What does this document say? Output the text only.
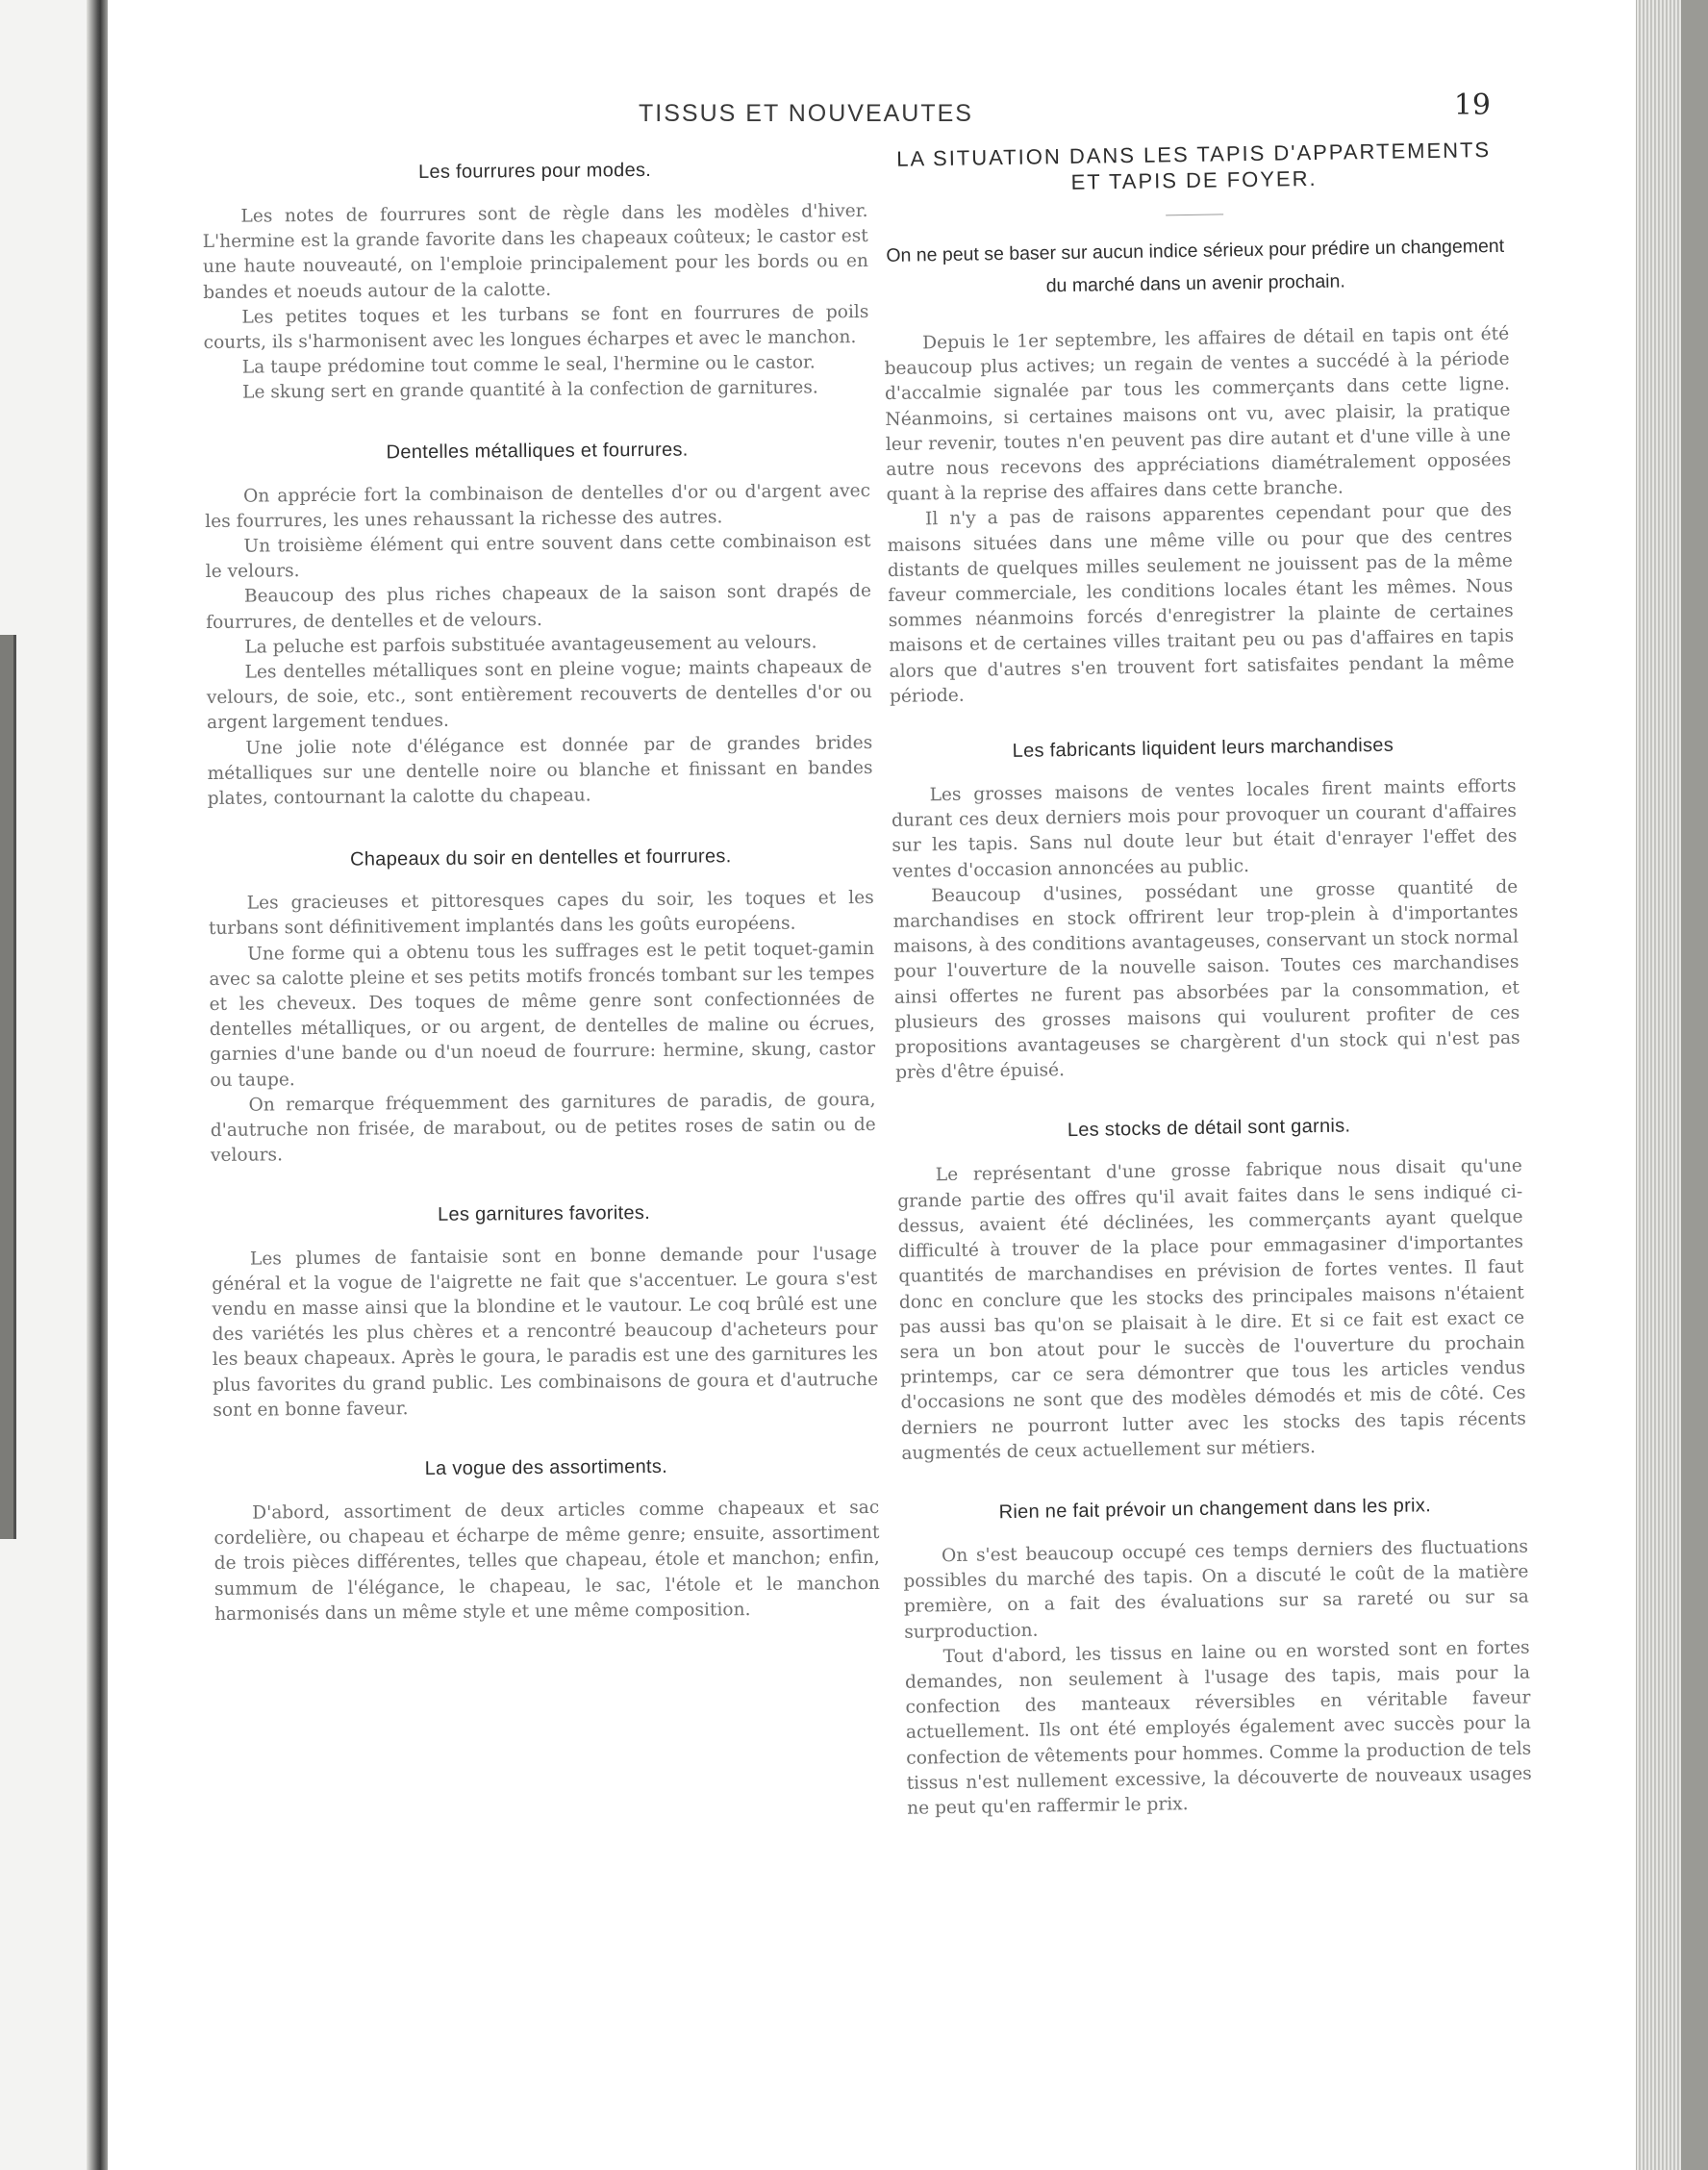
TISSUS ET NOUVEAUTES	19
Les fourrures pour modes.

Les notes de fourrures sont de règle dans les modèles d'hiver. L'hermine est la grande favorite dans les chapeaux coûteux; le castor est une haute nouveauté, on l'emploie principalement pour les bords ou en bandes et noeuds autour de la calotte.

Les petites toques et les turbans se font en fourrures de poils courts, ils s'harmonisent avec les longues écharpes et avec le manchon.

La taupe prédomine tout comme le seal, l'hermine ou le castor.

Le skung sert en grande quantité à la confection de garnitures.

Dentelles métalliques et fourrures.

On apprécie fort la combinaison de dentelles d'or ou d'argent avec les fourrures, les unes rehaussant la richesse des autres.

Un troisième élément qui entre souvent dans cette combinaison est le velours.

Beaucoup des plus riches chapeaux de la saison sont drapés de fourrures, de dentelles et de velours.

La peluche est parfois substituée avantageusement au velours.

Les dentelles métalliques sont en pleine vogue; maints chapeaux de velours, de soie, etc., sont entièrement recouverts de dentelles d'or ou argent largement tendues.

Une jolie note d'élégance est donnée par de grandes brides métalliques sur une dentelle noire ou blanche et finissant en bandes plates, contournant la calotte du chapeau.

Chapeaux du soir en dentelles et fourrures.

Les gracieuses et pittoresques capes du soir, les toques et les turbans sont définitivement implantés dans les goûts européens.

Une forme qui a obtenu tous les suffrages est le petit toquet-gamin avec sa calotte pleine et ses petits motifs froncés tombant sur les tempes et les cheveux. Des toques de même genre sont confectionnées de dentelles métalliques, or ou argent, de dentelles de maline ou écrues, garnies d'une bande ou d'un noeud de fourrure: hermine, skung, castor ou taupe.

On remarque fréquemment des garnitures de paradis, de goura, d'autruche non frisée, de marabout, ou de petites roses de satin ou de velours.

Les garnitures favorites.

Les plumes de fantaisie sont en bonne demande pour l'usage général et la vogue de l'aigrette ne fait que s'accentuer. Le goura s'est vendu en masse ainsi que la blondine et le vautour. Le coq brûlé est une des variétés les plus chères et a rencontré beaucoup d'acheteurs pour les beaux chapeaux. Après le goura, le paradis est une des garnitures les plus favorites du grand public. Les combinaisons de goura et d'autruche sont en bonne faveur.

La vogue des assortiments.

D'abord, assortiment de deux articles comme chapeaux et sac cordelière, ou chapeau et écharpe de même genre; ensuite, assortiment de trois pièces différentes, telles que chapeau, étole et manchon; enfin, summum de l'élégance, le chapeau, le sac, l'étole et le manchon harmonisés dans un même style et une même composition.

LA SITUATION DANS LES TAPIS D'APPARTEMENTS ET TAPIS DE FOYER.

On ne peut se baser sur aucun indice sérieux pour prédire un changement du marché dans un avenir prochain.

Depuis le 1er septembre, les affaires de détail en tapis ont été beaucoup plus actives; un regain de ventes a succédé à la période d'accalmie signalée par tous les commerçants dans cette ligne. Néanmoins, si certaines maisons ont vu, avec plaisir, la pratique leur revenir, toutes n'en peuvent pas dire autant et d'une ville à une autre nous recevons des appréciations diamétralement opposées quant à la reprise des affaires dans cette branche.

Il n'y a pas de raisons apparentes cependant pour que des maisons situées dans une même ville ou pour que des centres distants de quelques milles seulement ne jouissent pas de la même faveur commerciale, les conditions locales étant les mêmes. Nous sommes néanmoins forcés d'enregistrer la plainte de certaines maisons et de certaines villes traitant peu ou pas d'affaires en tapis alors que d'autres s'en trouvent fort satisfaites pendant la même période.

Les fabricants liquident leurs marchandises

Les grosses maisons de ventes locales firent maints efforts durant ces deux derniers mois pour provoquer un courant d'affaires sur les tapis. Sans nul doute leur but était d'enrayer l'effet des ventes d'occasion annoncées au public.

Beaucoup d'usines, possédant une grosse quantité de marchandises en stock offrirent leur trop-plein à d'importantes maisons, à des conditions avantageuses, conservant un stock normal pour l'ouverture de la nouvelle saison. Toutes ces marchandises ainsi offertes ne furent pas absorbées par la consommation, et plusieurs des grosses maisons qui voulurent profiter de ces propositions avantageuses se chargèrent d'un stock qui n'est pas près d'être épuisé.

Les stocks de détail sont garnis.

Le représentant d'une grosse fabrique nous disait qu'une grande partie des offres qu'il avait faites dans le sens indiqué ci-dessus, avaient été déclinées, les commerçants ayant quelque difficulté à trouver de la place pour emmagasiner d'importantes quantités de marchandises en prévision de fortes ventes. Il faut donc en conclure que les stocks des principales maisons n'étaient pas aussi bas qu'on se plaisait à le dire. Et si ce fait est exact ce sera un bon atout pour le succès de l'ouverture du prochain printemps, car ce sera démontrer que tous les articles vendus d'occasions ne sont que des modèles démodés et mis de côté. Ces derniers ne pourront lutter avec les stocks des tapis récents augmentés de ceux actuellement sur métiers.

Rien ne fait prévoir un changement dans les prix.

On s'est beaucoup occupé ces temps derniers des fluctuations possibles du marché des tapis. On a discuté le coût de la matière première, on a fait des évaluations sur sa rareté ou sur sa surproduction.

Tout d'abord, les tissus en laine ou en worsted sont en fortes demandes, non seulement à l'usage des tapis, mais pour la confection des manteaux réversibles en véritable faveur actuellement. Ils ont été employés également avec succès pour la confection de vêtements pour hommes. Comme la production de tels tissus n'est nullement excessive, la découverte de nouveaux usages ne peut qu'en raffermir le prix.
